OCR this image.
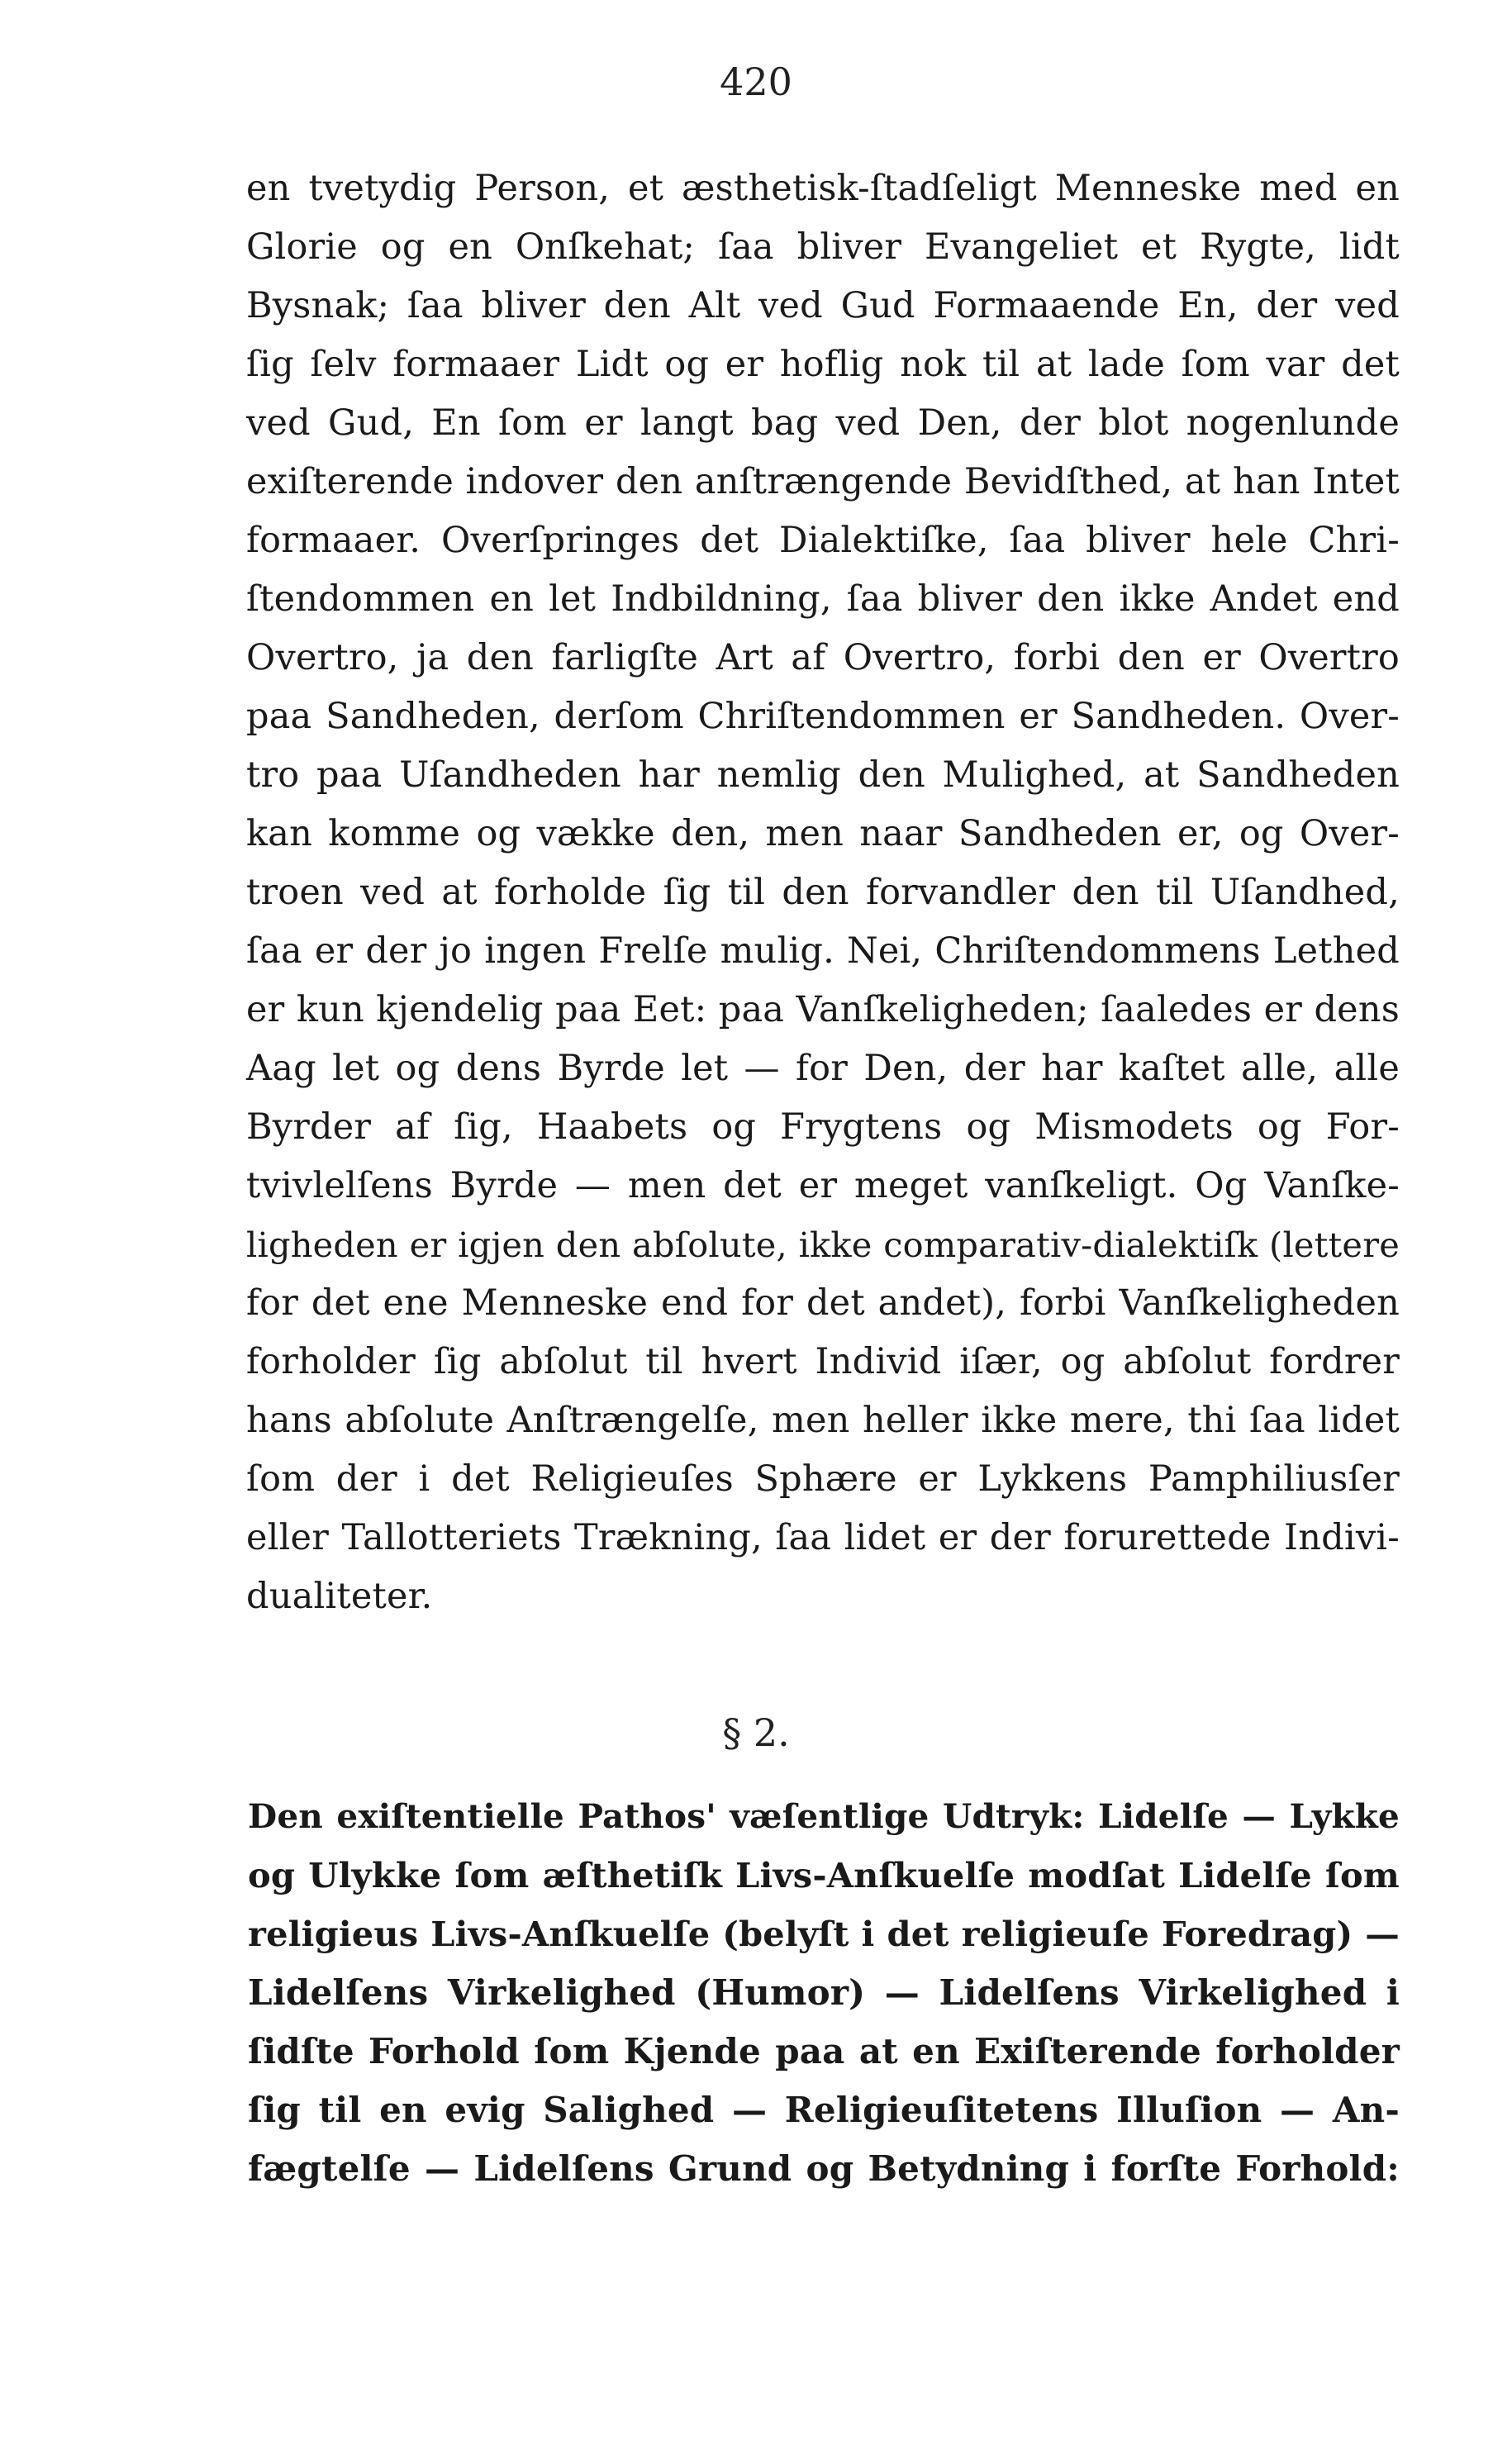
420
en tvetydig Person, et æsthetisk-ſtadſeligt Menneske med en
Glorie og en Onſkehat; ſaa bliver Evangeliet et Rygte, lidt
Bysnak; ſaa bliver den Alt ved Gud Formaaende En, der ved
ſig ſelv formaaer Lidt og er hoflig nok til at lade ſom var det
ved Gud, En ſom er langt bag ved Den, der blot nogenlunde
exiſterende indover den anſtrængende Bevidſthed, at han Intet
formaaer. Overſpringes det Dialektiſke, ſaa bliver hele Chri-
ſtendommen en let Indbildning, ſaa bliver den ikke Andet end
Overtro, ja den farligſte Art af Overtro, forbi den er Overtro
paa Sandheden, derſom Chriſtendommen er Sandheden. Over-
tro paa Uſandheden har nemlig den Mulighed, at Sandheden
kan komme og vække den, men naar Sandheden er, og Over-
troen ved at forholde ſig til den forvandler den til Uſandhed,
ſaa er der jo ingen Frelſe mulig. Nei, Chriſtendommens Lethed
er kun kjendelig paa Eet: paa Vanſkeligheden; ſaaledes er dens
Aag let og dens Byrde let — for Den, der har kaſtet alle, alle
Byrder af ſig, Haabets og Frygtens og Mismodets og For-
tvivlelſens Byrde — men det er meget vanſkeligt. Og Vanſke-
ligheden er igjen den abſolute, ikke comparativ-dialektiſk (lettere
for det ene Menneske end for det andet), forbi Vanſkeligheden
forholder ſig abſolut til hvert Individ iſær, og abſolut fordrer
hans abſolute Anſtrængelſe, men heller ikke mere, thi ſaa lidet
ſom der i det Religieuſes Sphære er Lykkens Pamphiliusſer
eller Tallotteriets Trækning, ſaa lidet er der forurettede Indivi-
dualiteter.
§ 2.
Den exiſtentielle Pathos' væſentlige Udtryk: Lidelſe — Lykke
og Ulykke ſom æſthetiſk Livs-Anſkuelſe modſat Lidelſe ſom
religieus Livs-Anſkuelſe (belyſt i det religieuſe Foredrag) —
Lidelſens Virkelighed (Humor) — Lidelſens Virkelighed i
ſidſte Forhold ſom Kjende paa at en Exiſterende forholder
ſig til en evig Salighed — Religieuſitetens Illuſion — An-
fægtelſe — Lidelſens Grund og Betydning i forſte Forhold:
